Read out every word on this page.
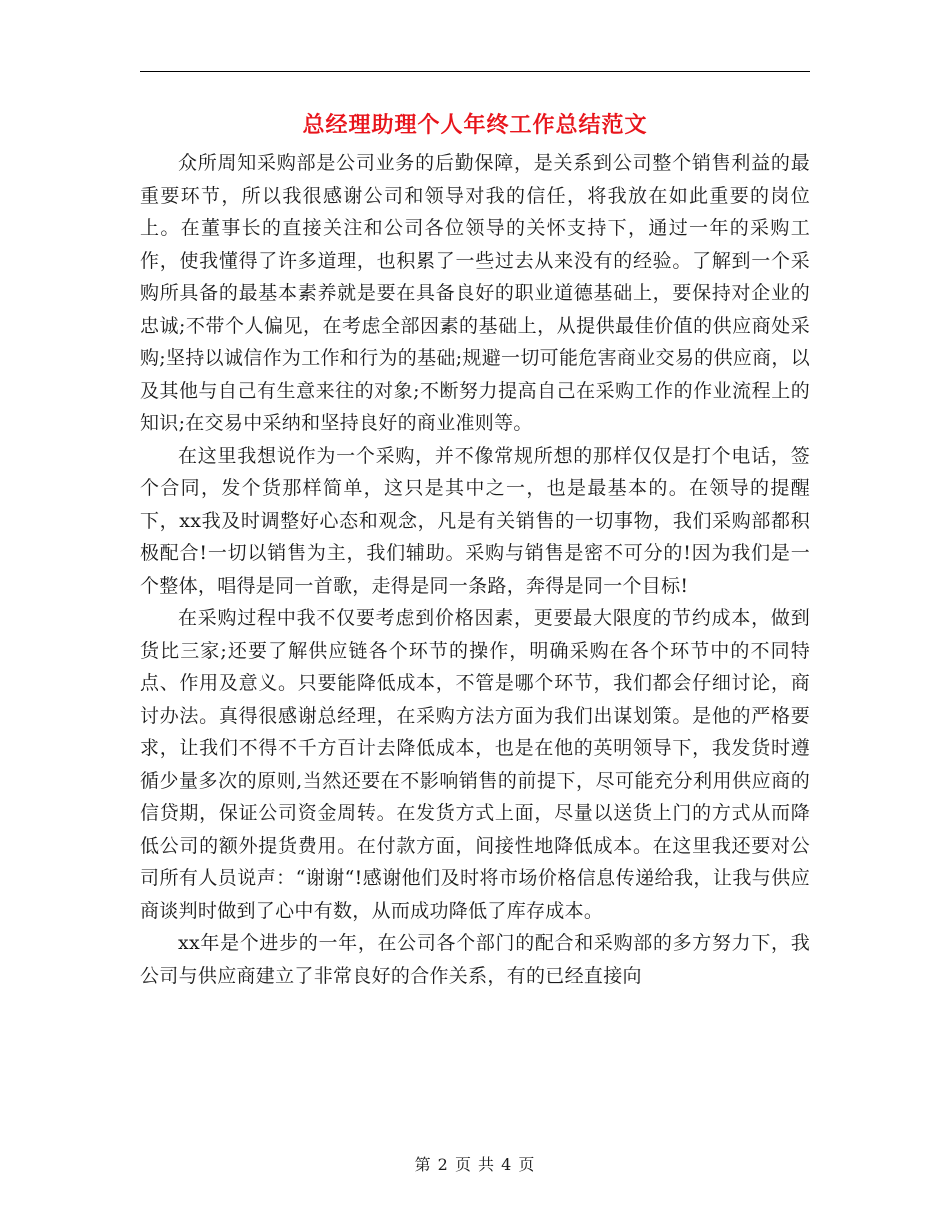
总经理助理个人年终工作总结范文

众所周知采购部是公司业务的后勤保障，是关系到公司整个销售利益的最重要环节，所以我很感谢公司和领导对我的信任，将我放在如此重要的岗位上。在董事长的直接关注和公司各位领导的关怀支持下，通过一年的采购工作，使我懂得了许多道理，也积累了一些过去从来没有的经验。了解到一个采购所具备的最基本素养就是要在具备良好的职业道德基础上，要保持对企业的忠诚;不带个人偏见，在考虑全部因素的基础上，从提供最佳价值的供应商处采购;坚持以诚信作为工作和行为的基础;规避一切可能危害商业交易的供应商，以及其他与自己有生意来往的对象;不断努力提高自己在采购工作的作业流程上的知识;在交易中采纳和坚持良好的商业准则等。

在这里我想说作为一个采购，并不像常规所想的那样仅仅是打个电话，签个合同，发个货那样简单，这只是其中之一，也是最基本的。在领导的提醒下，xx我及时调整好心态和观念，凡是有关销售的一切事物，我们采购部都积极配合!一切以销售为主，我们辅助。采购与销售是密不可分的!因为我们是一个整体，唱得是同一首歌，走得是同一条路，奔得是同一个目标!

在采购过程中我不仅要考虑到价格因素，更要最大限度的节约成本，做到货比三家;还要了解供应链各个环节的操作，明确采购在各个环节中的不同特点、作用及意义。只要能降低成本，不管是哪个环节，我们都会仔细讨论，商讨办法。真得很感谢总经理，在采购方法方面为我们出谋划策。是他的严格要求，让我们不得不千方百计去降低成本，也是在他的英明领导下，我发货时遵循少量多次的原则,当然还要在不影响销售的前提下，尽可能充分利用供应商的信贷期，保证公司资金周转。在发货方式上面，尽量以送货上门的方式从而降低公司的额外提货费用。在付款方面，间接性地降低成本。在这里我还要对公司所有人员说声：“谢谢“!感谢他们及时将市场价格信息传递给我，让我与供应商谈判时做到了心中有数，从而成功降低了库存成本。

xx年是个进步的一年，在公司各个部门的配合和采购部的多方努力下，我公司与供应商建立了非常良好的合作关系，有的已经直接向

第 2 页 共 4 页
